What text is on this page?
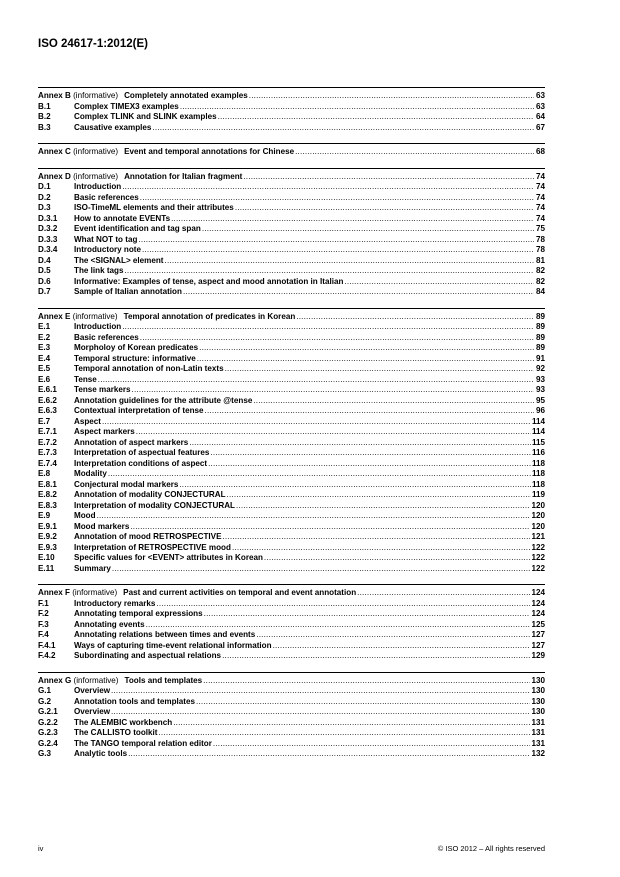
ISO 24617-1:2012(E)
Annex B (informative) Completely annotated examples .....	63
B.1	Complex TIMEX3 examples .....	63
B.2	Complex TLINK and SLINK examples .....	64
B.3	Causative examples .....	67
Annex C (informative) Event and temporal annotations for Chinese .....	68
Annex D (informative) Annotation for Italian fragment .....	74
D.1	Introduction .....	74
D.2	Basic references .....	74
D.3	ISO-TimeML elements and their attributes .....	74
D.3.1	How to annotate EVENTs .....	74
D.3.2	Event identification and tag span .....	75
D.3.3	What NOT to tag .....	78
D.3.4	Introductory note .....	78
D.4	The <SIGNAL> element .....	81
D.5	The link tags .....	82
D.6	Informative: Examples of tense, aspect and mood annotation in Italian .....	82
D.7	Sample of Italian annotation .....	84
Annex E (informative) Temporal annotation of predicates in Korean .....	89
E.1	Introduction .....	89
E.2	Basic references .....	89
E.3	Morpholoy of Korean predicates .....	89
E.4	Temporal structure: informative .....	91
E.5	Temporal annotation of non-Latin texts .....	92
E.6	Tense .....	93
E.6.1	Tense markers .....	93
E.6.2	Annotation guidelines for the attribute @tense .....	95
E.6.3	Contextual interpretation of tense .....	96
E.7	Aspect .....	114
E.7.1	Aspect markers .....	114
E.7.2	Annotation of aspect markers .....	115
E.7.3	Interpretation of aspectual features .....	116
E.7.4	Interpretation conditions of aspect .....	118
E.8	Modality .....	118
E.8.1	Conjectural modal markers .....	118
E.8.2	Annotation of modality CONJECTURAL .....	119
E.8.3	Interpretation of modality CONJECTURAL .....	120
E.9	Mood .....	120
E.9.1	Mood markers .....	120
E.9.2	Annotation of mood RETROSPECTIVE .....	121
E.9.3	Interpretation of RETROSPECTIVE mood .....	122
E.10	Specific values for <EVENT> attributes in Korean .....	122
E.11	Summary .....	122
Annex F (informative) Past and current activities on temporal and event annotation .....	124
F.1	Introductory remarks .....	124
F.2	Annotating temporal expressions .....	124
F.3	Annotating events .....	125
F.4	Annotating relations between times and events .....	127
F.4.1	Ways of capturing time-event relational information .....	127
F.4.2	Subordinating and aspectual relations .....	129
Annex G (informative) Tools and templates .....	130
G.1	Overview .....	130
G.2	Annotation tools and templates .....	130
G.2.1	Overview .....	130
G.2.2	The ALEMBIC workbench .....	131
G.2.3	The CALLISTO toolkit .....	131
G.2.4	The TANGO temporal relation editor .....	131
G.3	Analytic tools .....	132
iv	© ISO 2012 – All rights reserved
